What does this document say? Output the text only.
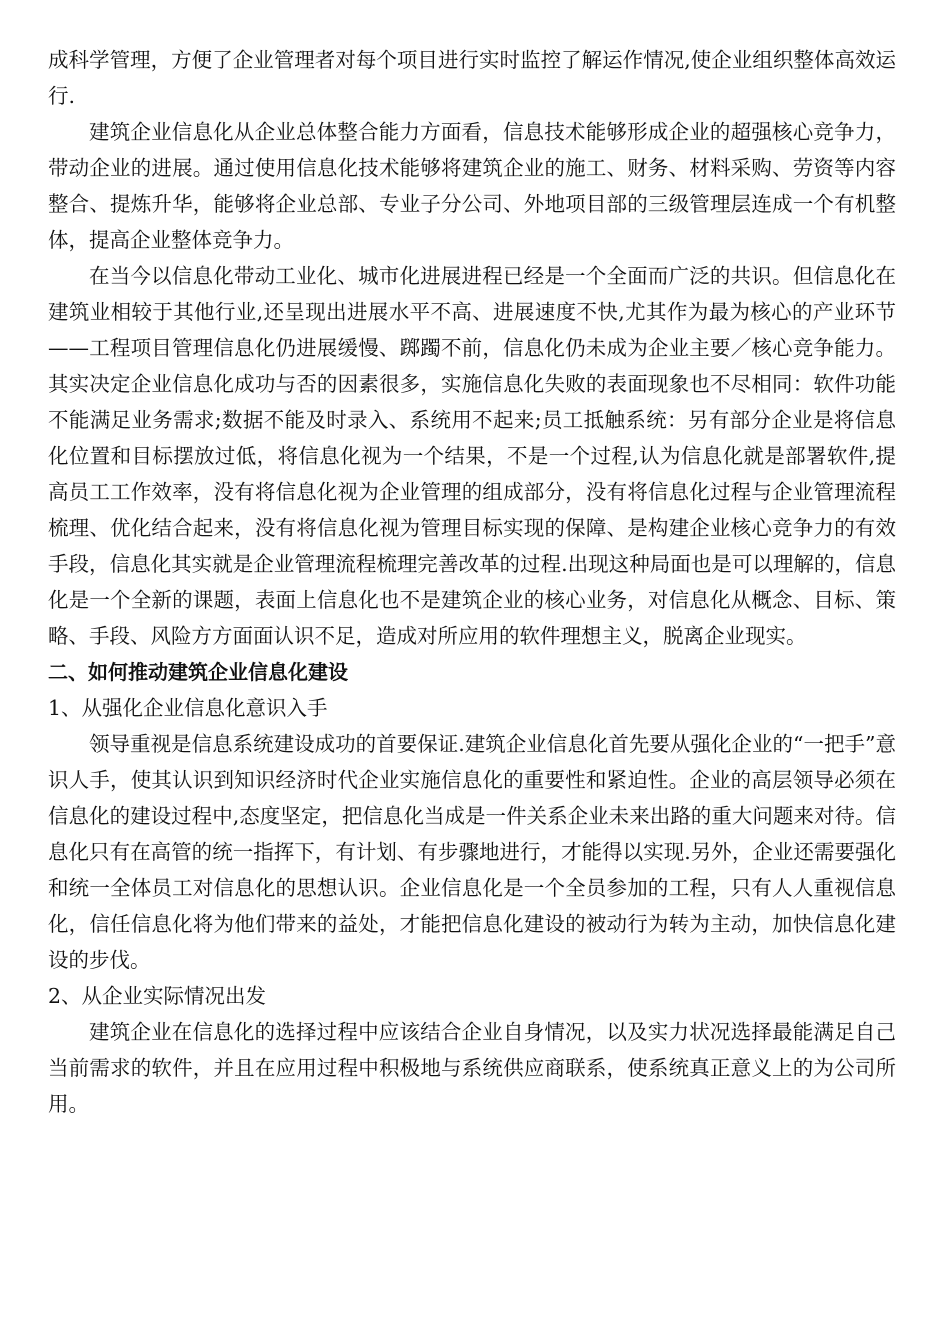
成科学管理，方便了企业管理者对每个项目进行实时监控了解运作情况,使企业组织整体高效运行.

建筑企业信息化从企业总体整合能力方面看，信息技术能够形成企业的超强核心竞争力，带动企业的进展。通过使用信息化技术能够将建筑企业的施工、财务、材料采购、劳资等内容整合、提炼升华，能够将企业总部、专业子分公司、外地项目部的三级管理层连成一个有机整体，提高企业整体竞争力。

在当今以信息化带动工业化、城市化进展进程已经是一个全面而广泛的共识。但信息化在建筑业相较于其他行业,还呈现出进展水平不高、进展速度不快,尤其作为最为核心的产业环节——工程项目管理信息化仍进展缓慢、踯躅不前，信息化仍未成为企业主要／核心竞争能力。其实决定企业信息化成功与否的因素很多，实施信息化失败的表面现象也不尽相同：软件功能不能满足业务需求;数据不能及时录入、系统用不起来;员工抵触系统：另有部分企业是将信息化位置和目标摆放过低，将信息化视为一个结果，不是一个过程,认为信息化就是部署软件,提高员工工作效率，没有将信息化视为企业管理的组成部分，没有将信息化过程与企业管理流程梳理、优化结合起来，没有将信息化视为管理目标实现的保障、是构建企业核心竞争力的有效手段，信息化其实就是企业管理流程梳理完善改革的过程.出现这种局面也是可以理解的，信息化是一个全新的课题，表面上信息化也不是建筑企业的核心业务，对信息化从概念、目标、策略、手段、风险方方面面认识不足，造成对所应用的软件理想主义，脱离企业现实。

二、如何推动建筑企业信息化建设

1、从强化企业信息化意识入手

领导重视是信息系统建设成功的首要保证.建筑企业信息化首先要从强化企业的“一把手”意识人手，使其认识到知识经济时代企业实施信息化的重要性和紧迫性。企业的高层领导必须在信息化的建设过程中,态度坚定，把信息化当成是一件关系企业未来出路的重大问题来对待。信息化只有在高管的统一指挥下，有计划、有步骤地进行，才能得以实现.另外，企业还需要强化和统一全体员工对信息化的思想认识。企业信息化是一个全员参加的工程，只有人人重视信息化，信任信息化将为他们带来的益处，才能把信息化建设的被动行为转为主动，加快信息化建设的步伐。

2、从企业实际情况出发

建筑企业在信息化的选择过程中应该结合企业自身情况，以及实力状况选择最能满足自己当前需求的软件，并且在应用过程中积极地与系统供应商联系，使系统真正意义上的为公司所用。
